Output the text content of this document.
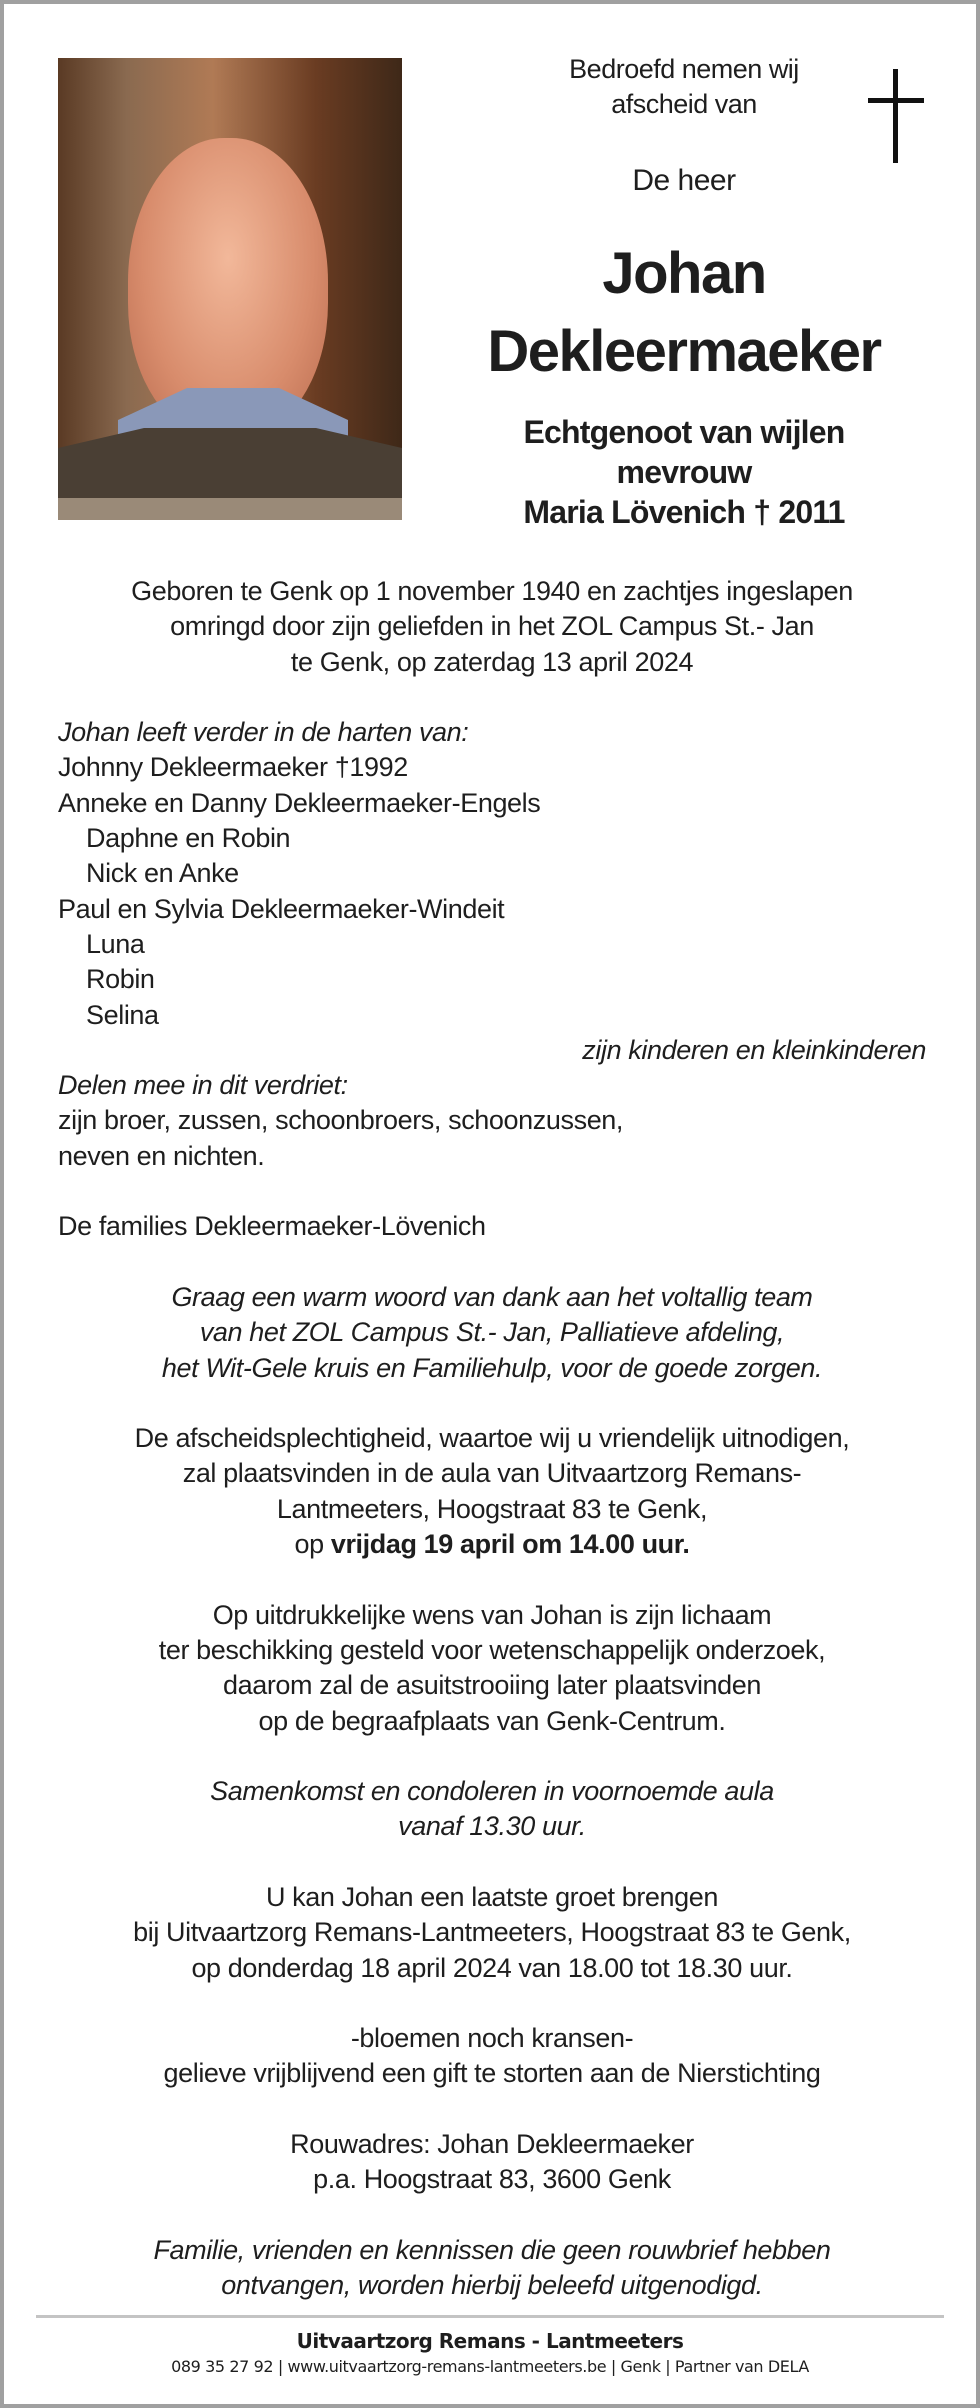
Bedroefd nemen wij
afscheid van
De heer
Johan
Dekleermaeker
Echtgenoot van wijlen
mevrouw
Maria Lövenich † 2011
Geboren te Genk op 1 november 1940 en zachtjes ingeslapen
omringd door zijn geliefden in het ZOL Campus St.- Jan
te Genk, op zaterdag 13 april 2024
Johan leeft verder in de harten van:
Johnny Dekleermaeker †1992
Anneke en Danny Dekleermaeker-Engels
Daphne en Robin
Nick en Anke
Paul en Sylvia Dekleermaeker-Windeit
Luna
Robin
Selina
zijn kinderen en kleinkinderen
Delen mee in dit verdriet:
zijn broer, zussen, schoonbroers, schoonzussen,
neven en nichten.
De families Dekleermaeker-Lövenich
Graag een warm woord van dank aan het voltallig team
van het ZOL Campus St.- Jan, Palliatieve afdeling,
het Wit-Gele kruis en Familiehulp, voor de goede zorgen.
De afscheidsplechtigheid, waartoe wij u vriendelijk uitnodigen,
zal plaatsvinden in de aula van Uitvaartzorg Remans-
Lantmeeters, Hoogstraat 83 te Genk,
op vrijdag 19 april om 14.00 uur.
Op uitdrukkelijke wens van Johan is zijn lichaam
ter beschikking gesteld voor wetenschappelijk onderzoek,
daarom zal de asuitstrooiing later plaatsvinden
op de begraafplaats van Genk-Centrum.
Samenkomst en condoleren in voornoemde aula
vanaf 13.30 uur.
U kan Johan een laatste groet brengen
bij Uitvaartzorg Remans-Lantmeeters, Hoogstraat 83 te Genk,
op donderdag 18 april 2024 van 18.00 tot 18.30 uur.
-bloemen noch kransen-
gelieve vrijblijvend een gift te storten aan de Nierstichting
Rouwadres: Johan Dekleermaeker
p.a. Hoogstraat 83, 3600 Genk
Familie, vrienden en kennissen die geen rouwbrief hebben
ontvangen, worden hierbij beleefd uitgenodigd.
Uitvaartzorg Remans - Lantmeeters
089 35 27 92 | www.uitvaartzorg-remans-lantmeeters.be | Genk | Partner van DELA
